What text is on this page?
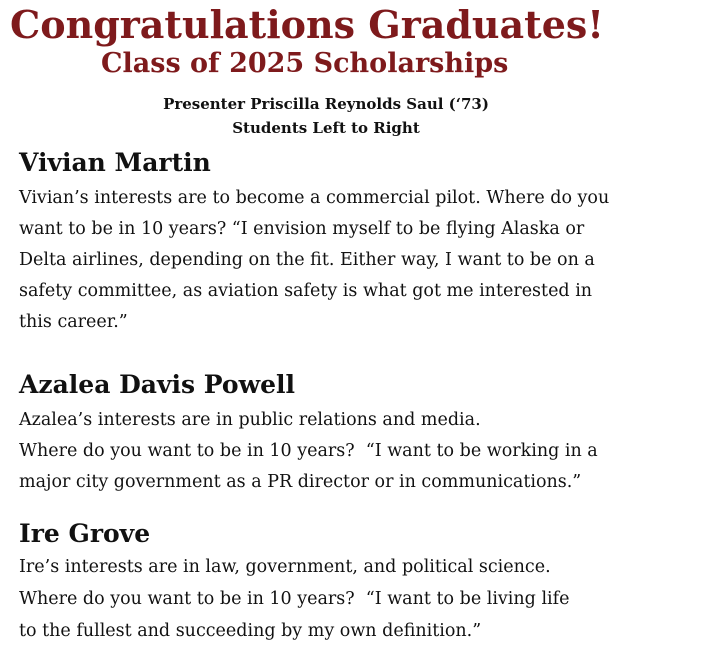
Congratulations Graduates!
Class of 2025 Scholarships

Presenter Priscilla Reynolds Saul (‘73)

Students Left to Right

Vivian Martin

Vivian’s interests are to become a commercial pilot. Where do you
want to be in 10 years? “I envision myself to be flying Alaska or
Delta airlines, depending on the fit. Either way, I want to be on a
safety committee, as aviation safety is what got me interested in
this career.”

Azalea Davis Powell

Azalea’s interests are in public relations and media.
Where do you want to be in 10 years?  “I want to be working in a
major city government as a PR director or in communications.”

Ire Grove

Ire’s interests are in law, government, and political science.
Where do you want to be in 10 years?  “I want to be living life
to the fullest and succeeding by my own definition.”
